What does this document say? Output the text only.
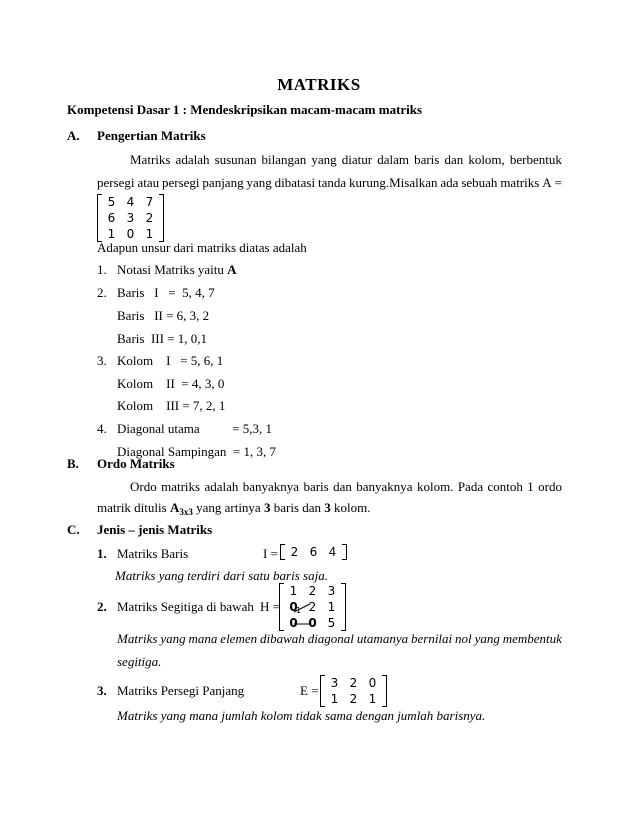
MATRIKS
Kompetensi Dasar 1 : Mendeskripsikan macam-macam matriks
A. Pengertian Matriks
Matriks adalah susunan bilangan yang diatur dalam baris dan kolom, berbentuk
persegi atau persegi panjang yang dibatasi tanda kurung.Misalkan ada sebuah matriks A =
5 4 7
6 3 2
1 0 1
Adapun unsur dari matriks diatas adalah
1. Notasi Matriks yaitu A
2. Baris   I   =  5, 4, 7
Baris   II = 6, 3, 2
Baris  III = 1, 0,1
3. Kolom    I   = 5, 6, 1
Kolom    II  = 4, 3, 0
Kolom    III = 7, 2, 1
4. Diagonal utama          = 5,3, 1
Diagonal Sampingan  = 1, 3, 7
B. Ordo Matriks
Ordo matriks adalah banyaknya baris dan banyaknya kolom. Pada contoh 1 ordo
matrik ditulis $A_{3x3}$ yang artinya 3 baris dan 3 kolom.
C. Jenis – jenis Matriks
1. Matriks Baris	I =	2 6 4
Matriks yang terdiri dari satu baris saja.
2. Matriks Segitiga di bawah H =
1 2 3
0 2 1
0 0 5
1
Matriks yang mana elemen dibawah diagonal utamanya bernilai nol yang membentuk
segitiga.
3. Matriks Persegi Panjang	E =	3 2 0
1 2 1
Matriks yang mana jumlah kolom tidak sama dengan jumlah barisnya.
